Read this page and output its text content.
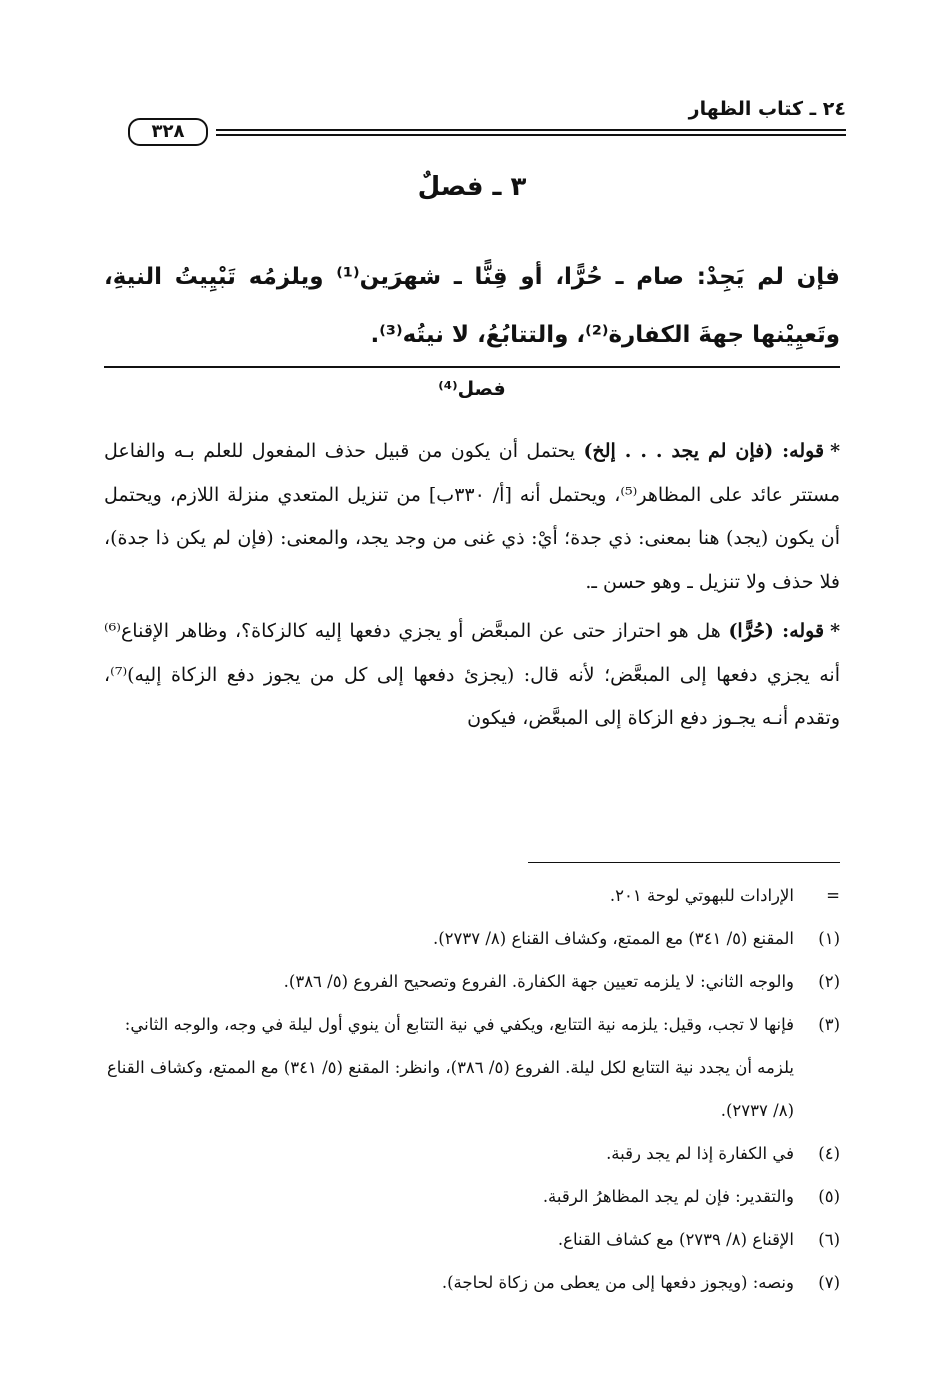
٢٤ ـ كتاب الظهار
٣٢٨
٣ ـ فصلٌ
فإن لم يَجِدْ: صام ـ حُرًّا، أو قِنًّا ـ شهرَين⁽¹⁾ ويلزمُه تَبْيِيتُ النيةِ، وتَعيِيْنها جهةَ الكفارة⁽²⁾، والتتابُعُ، لا نيتُه⁽³⁾.
فصل⁽⁴⁾

*قوله: (فإن لم يجد . . . إلخ) يحتمل أن يكون من قبيل حذف المفعول للعلم بـه والفاعل مستتر عائد على المظاهر⁽⁵⁾، ويحتمل أنه [أ/ ٣٣٠ب] من تنزيل المتعدي منزلة اللازم، ويحتمل أن يكون (يجد) هنا بمعنى: ذي جدة؛ أيْ: ذي غنى من وجد يجد، والمعنى: (فإن لم يكن ذا جدة)، فلا حذف ولا تنزيل ـ وهو حسن ـ.

*قوله: (حُرًّا) هل هو احتراز حتى عن المبعَّض أو يجزي دفعها إليه كالزكاة؟، وظاهر الإقناع⁽⁶⁾ أنه يجزي دفعها إلى المبعَّض؛ لأنه قال: (يجزئ دفعها إلى كل من يجوز دفع الزكاة إليه)⁽⁷⁾، وتقدم أنـه يجـوز دفع الزكاة إلى المبعَّض، فيكون

=
الإرادات للبهوتي لوحة ٢٠١.
(١)
المقنع (٥/ ٣٤١) مع الممتع، وكشاف القناع (٨/ ٢٧٣٧).
(٢)
والوجه الثاني: لا يلزمه تعيين جهة الكفارة. الفروع وتصحيح الفروع (٥/ ٣٨٦).
(٣)
فإنها لا تجب، وقيل: يلزمه نية التتابع، ويكفي في نية التتابع أن ينوي أول ليلة في وجه، والوجه الثاني: يلزمه أن يجدد نية التتابع لكل ليلة. الفروع (٥/ ٣٨٦)، وانظر: المقنع (٥/ ٣٤١) مع الممتع، وكشاف القناع (٨/ ٢٧٣٧).
(٤)
في الكفارة إذا لم يجد رقبة.
(٥)
والتقدير: فإن لم يجد المظاهرُ الرقبة.
(٦)
الإقناع (٨/ ٢٧٣٩) مع كشاف القناع.
(٧)
ونصه: (ويجوز دفعها إلى من يعطى من زكاة لحاجة).
